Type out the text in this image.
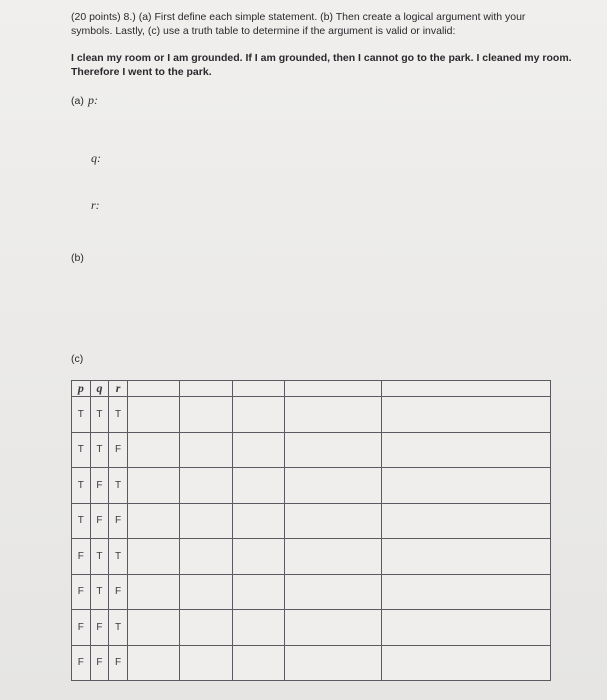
(20 points) 8.) (a) First define each simple statement. (b) Then create a logical argument with your
symbols. Lastly, (c) use a truth table to determine if the argument is valid or invalid:
I clean my room or I am grounded. If I am grounded, then I cannot go to the park. I cleaned my room.
Therefore I went to the park.
(a) p:
q:
r:
(b)
(c)
p	q	r					
T	T	T					
T	T	F					
T	F	T					
T	F	F					
F	T	T					
F	T	F					
F	F	T					
F	F	F					
